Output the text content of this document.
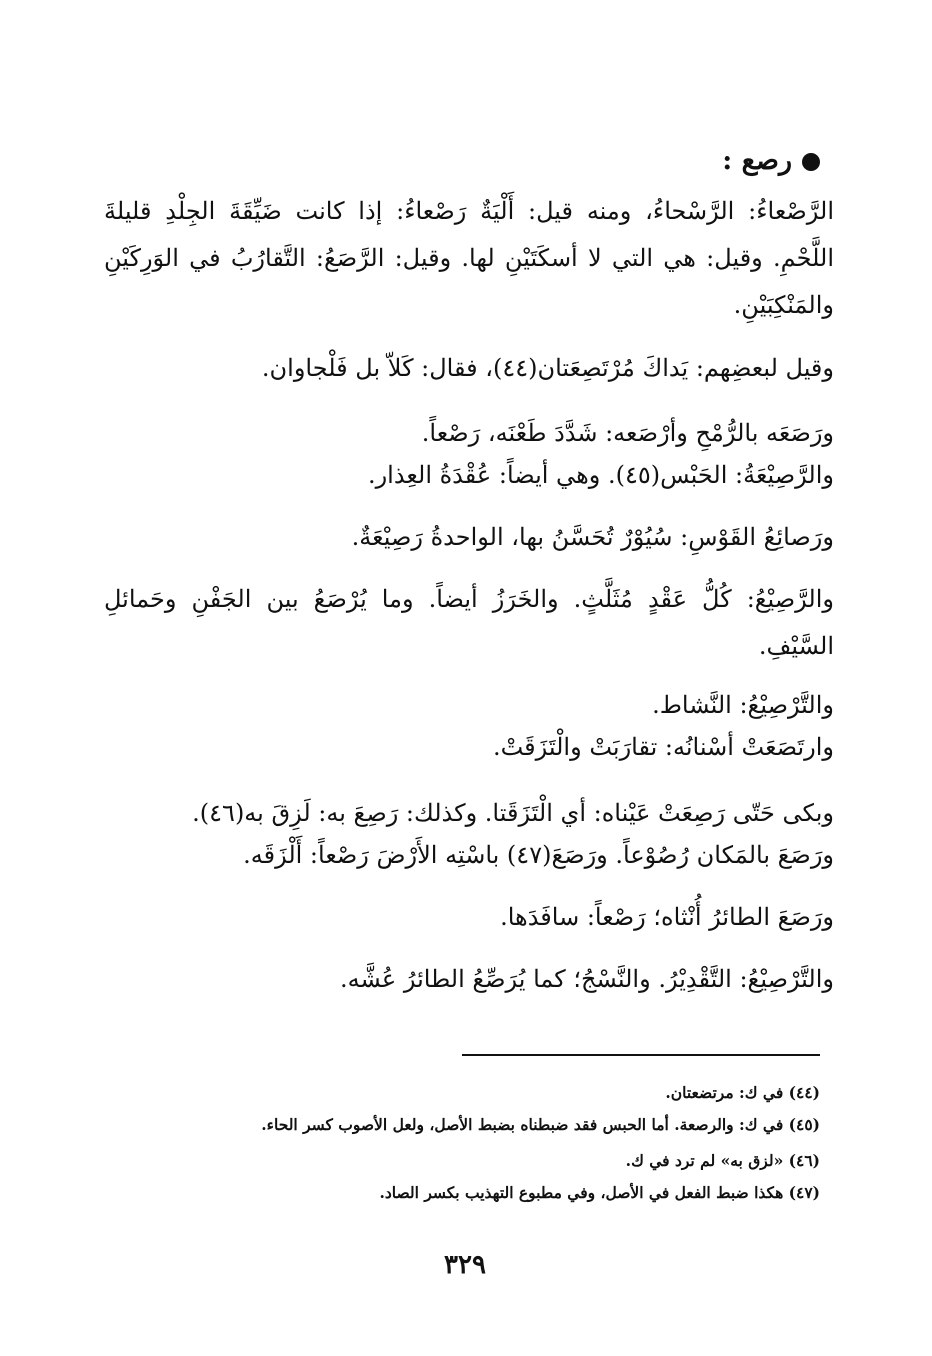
رصع :
الرَّصْعاءُ: الرَّسْحاءُ، ومنه قيل: أَلْيَةٌ رَصْعاءُ: إذا كانت ضَيِّقَةَ الجِلْدِ قليلةَ اللَّحْمِ. وقيل: هي التي لا أسكَتَيْنِ لها. وقيل: الرَّصَعُ: التَّقارُبُ في الوَرِكَيْنِ والمَنْكِبَيْنِ.
وقيل لبعضِهم: يَداكَ مُرْتَصِعَتان(٤٤)، فقال: كَلاّ بل فَلْجاوان.
ورَصَعَه بالرُّمْحِ وأرْصَعه: شَدَّدَ طَعْنَه، رَصْعاً.
والرَّصِيْعَةُ: الحَبْس(٤٥). وهي أيضاً: عُقْدَةُ العِذار.
ورَصائِعُ القَوْسِ: سُيُوْرٌ تُحَسَّنُ بها، الواحدةُ رَصِيْعَةٌ.
والرَّصِيْعُ: كُلُّ عَقْدٍ مُثَلَّثٍ. والخَرَزُ أيضاً. وما يُرْصَعُ بين الجَفْنِ وحَمائلِ السَّيْفِ.
والتَّرْصِيْعُ: النَّشاط.
وارتَصَعَتْ أسْنانُه: تقارَبَتْ والْتَزَقَتْ.
وبكى حَتّى رَصِعَتْ عَيْناه: أي الْتَزَقَتا. وكذلك: رَصِعَ به: لَزِقَ به(٤٦).
ورَصَعَ بالمَكان رُصُوْعاً. ورَصَعَ(٤٧) باسْتِه الأَرْضَ رَصْعاً: أَلْزَقَه.
ورَصَعَ الطائرُ أُنْثاه؛ رَصْعاً: سافَدَها.
والتَّرْصِيْعُ: التَّقْدِيْرُ. والنَّسْجُ؛ كما يُرَصِّعُ الطائرُ عُشَّه.
(٤٤) في ك: مرتضعتان.
(٤٥) في ك: والرصعة. أما الحبس فقد ضبطناه بضبط الأصل، ولعل الأصوب كسر الحاء.
(٤٦) «لزق به» لم ترد في ك.
(٤٧) هكذا ضبط الفعل في الأصل، وفي مطبوع التهذيب بكسر الصاد.
٣٢٩
